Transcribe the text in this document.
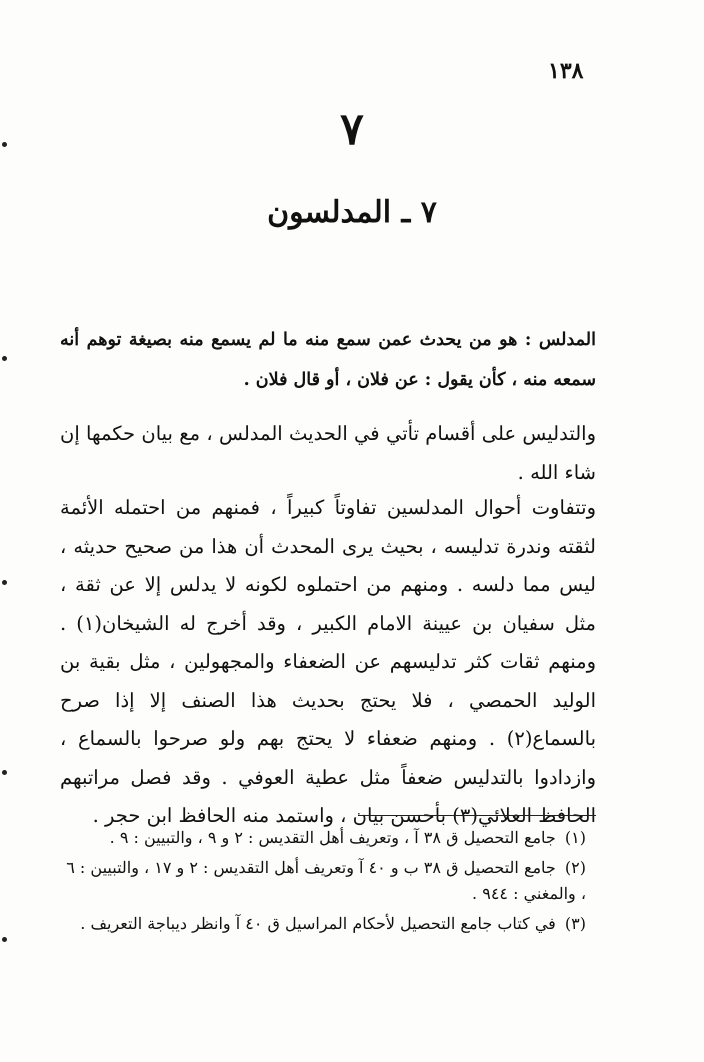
١٣٨
٧
٧ ـ المدلسون
المدلس : هو من يحدث عمن سمع منه ما لم يسمع منه بصيغة توهم أنه سمعه منه ، كأن يقول : عن فلان ، أو قال فلان .
والتدليس على أقسام تأتي في الحديث المدلس ، مع بيان حكمها إن شاء الله .
وتتفاوت أحوال المدلسين تفاوتاً كبيراً ، فمنهم من احتمله الأئمة لثقته وندرة تدليسه ، بحيث يرى المحدث أن هذا من صحيح حديثه ، ليس مما دلسه . ومنهم من احتملوه لكونه لا يدلس إلا عن ثقة ، مثل سفيان بن عيينة الامام الكبير ، وقد أخرج له الشيخان(١) . ومنهم ثقات كثر تدليسهم عن الضعفاء والمجهولين ، مثل بقية بن الوليد الحمصي ، فلا يحتج بحديث هذا الصنف إلا إذا صرح بالسماع(٢) . ومنهم ضعفاء لا يحتج بهم ولو صرحوا بالسماع ، وازدادوا بالتدليس ضعفاً مثل عطية العوفي . وقد فصل مراتبهم الحافظ العلائي(٣) بأحسن بيان ، واستمد منه الحافظ ابن حجر .
(١) جامع التحصيل ق ٣٨ آ ، وتعريف أهل التقديس : ٢ و ٩ ، والتبيين : ٩ .
(٢) جامع التحصيل ق ٣٨ ب و ٤٠ آ وتعريف أهل التقديس : ٢ و ١٧ ، والتبيين : ٦ ، والمغني : ٩٤٤ .
(٣) في كتاب جامع التحصيل لأحكام المراسيل ق ٤٠ آ وانظر ديباجة التعريف .
